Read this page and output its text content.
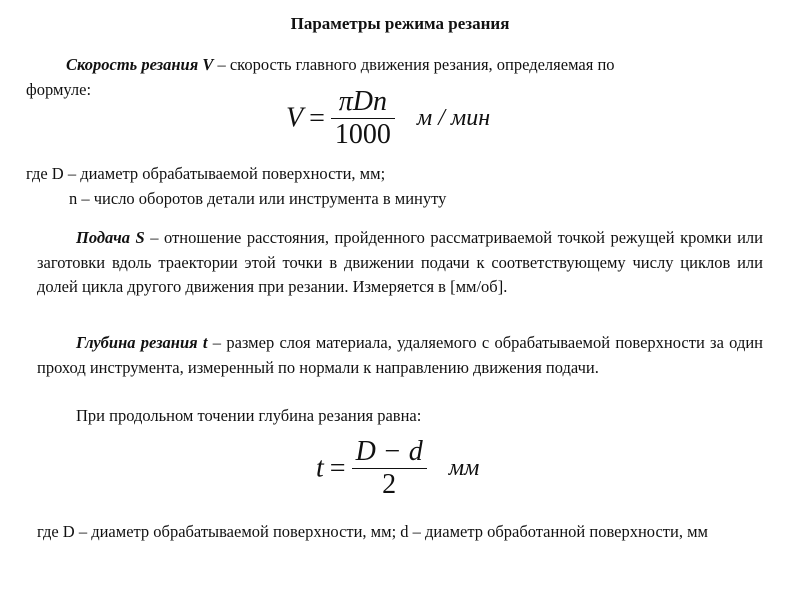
Параметры режима резания
Скорость резания V – скорость главного движения резания, определяемая по
формуле:
$V = \frac{\text{πDn}}{1000}$ м / мин
где D – диаметр обрабатываемой поверхности, мм;
n – число оборотов детали или инструмента в минуту
Подача S – отношение расстояния, пройденного рассматриваемой точкой режущей кромки или заготовки вдоль траектории этой точки в движении подачи к соответствующему числу циклов или долей цикла другого движения при резании. Измеряется в [мм/об].
Глубина резания t – размер слоя материала, удаляемого с обрабатываемой поверхности за один проход инструмента, измеренный по нормали к направлению движения подачи.
При продольном точении глубина резания равна:
$t = \frac{D - d}{2}$ мм
где D – диаметр обрабатываемой поверхности, мм; d – диаметр обработанной поверхности, мм
